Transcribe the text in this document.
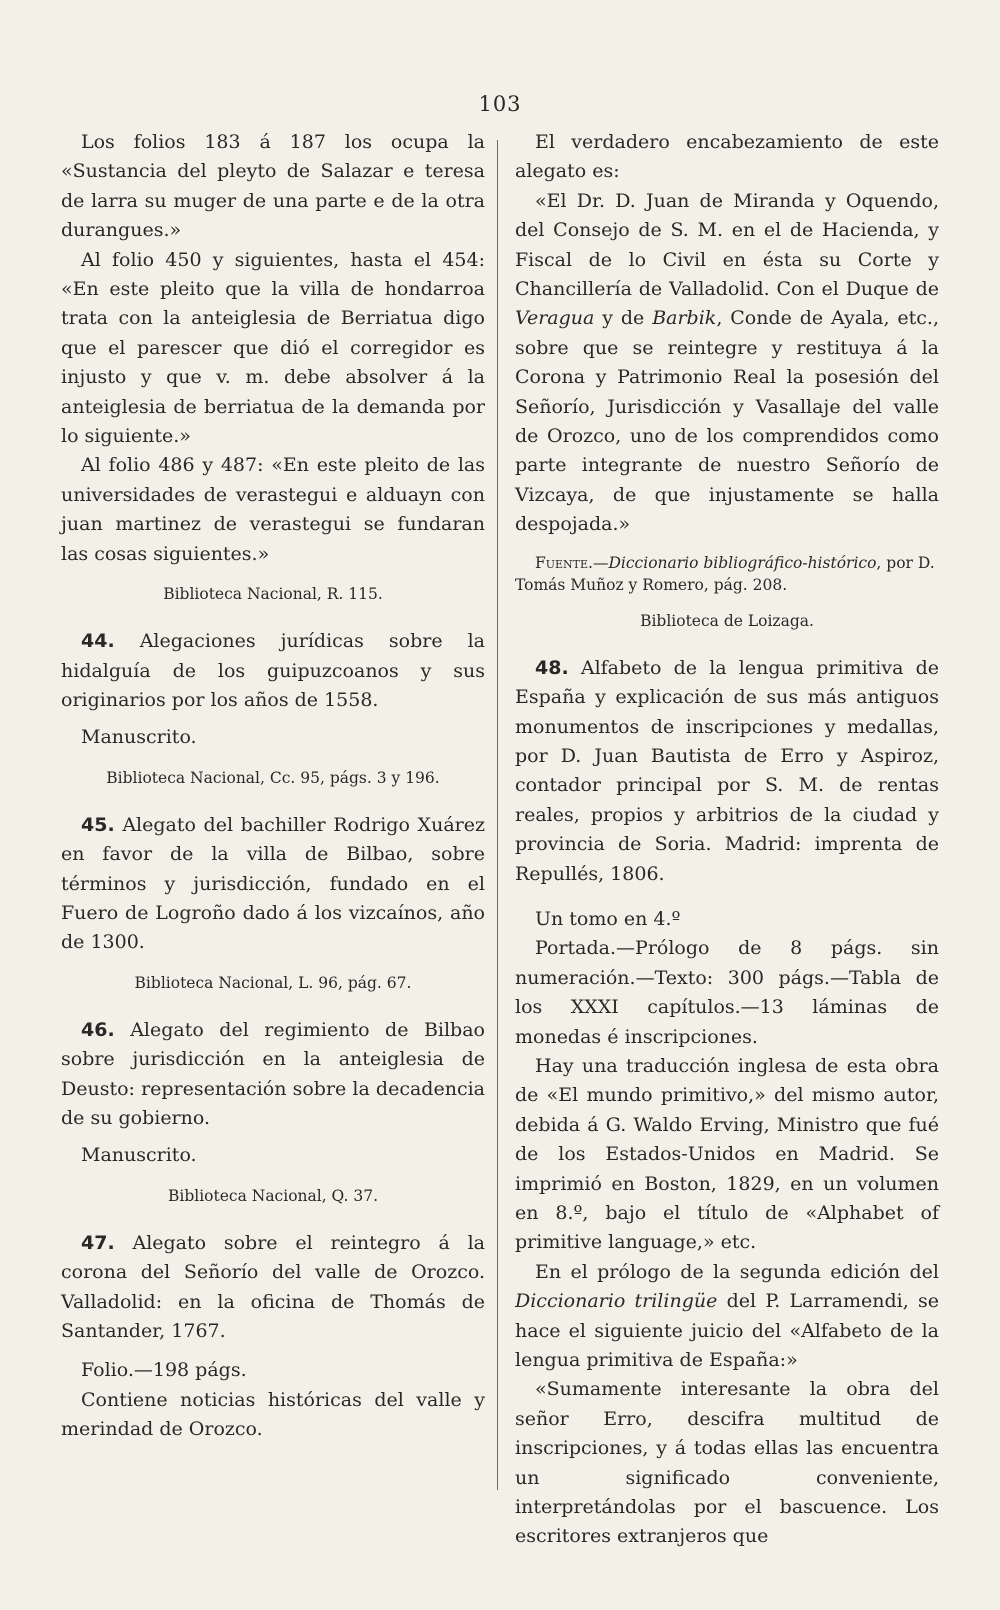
103

Los folios 183 á 187 los ocupa la «Sustancia del pleyto de Salazar e teresa de larra su muger de una parte e de la otra durangues.»

Al folio 450 y siguientes, hasta el 454: «En este pleito que la villa de hondarroa trata con la anteiglesia de Berriatua digo que el parescer que dió el corregidor es injusto y que v. m. debe absolver á la anteiglesia de berriatua de la demanda por lo siguiente.»

Al folio 486 y 487: «En este pleito de las universidades de verastegui e alduayn con juan martinez de verastegui se fundaran las cosas siguientes.»

Biblioteca Nacional, R. 115.

44. Alegaciones jurídicas sobre la hidalguía de los guipuzcoanos y sus originarios por los años de 1558.

Manuscrito.

Biblioteca Nacional, Cc. 95, págs. 3 y 196.

45. Alegato del bachiller Rodrigo Xuárez en favor de la villa de Bilbao, sobre términos y jurisdicción, fundado en el Fuero de Logroño dado á los vizcaínos, año de 1300.

Biblioteca Nacional, L. 96, pág. 67.

46. Alegato del regimiento de Bilbao sobre jurisdicción en la anteiglesia de Deusto: representación sobre la decadencia de su gobierno.

Manuscrito.

Biblioteca Nacional, Q. 37.

47. Alegato sobre el reintegro á la corona del Señorío del valle de Orozco. Valladolid: en la oficina de Thomás de Santander, 1767.

Folio.—198 págs.

Contiene noticias históricas del valle y merindad de Orozco.

El verdadero encabezamiento de este alegato es:

«El Dr. D. Juan de Miranda y Oquendo, del Consejo de S. M. en el de Hacienda, y Fiscal de lo Civil en ésta su Corte y Chancillería de Valladolid. Con el Duque de Veragua y de Barbik, Conde de Ayala, etc., sobre que se reintegre y restituya á la Corona y Patrimonio Real la posesión del Señorío, Jurisdicción y Vasallaje del valle de Orozco, uno de los comprendidos como parte integrante de nuestro Señorío de Vizcaya, de que injustamente se halla despojada.»

Fuente.—Diccionario bibliográfico-histórico, por D. Tomás Muñoz y Romero, pág. 208.

Biblioteca de Loizaga.

48. Alfabeto de la lengua primitiva de España y explicación de sus más antiguos monumentos de inscripciones y medallas, por D. Juan Bautista de Erro y Aspiroz, contador principal por S. M. de rentas reales, propios y arbitrios de la ciudad y provincia de Soria. Madrid: imprenta de Repullés, 1806.

Un tomo en 4.º

Portada.—Prólogo de 8 págs. sin numeración.—Texto: 300 págs.—Tabla de los XXXI capítulos.—13 láminas de monedas é inscripciones.

Hay una traducción inglesa de esta obra de «El mundo primitivo,» del mismo autor, debida á G. Waldo Erving, Ministro que fué de los Estados-Unidos en Madrid. Se imprimió en Boston, 1829, en un volumen en 8.º, bajo el título de «Alphabet of primitive language,» etc.

En el prólogo de la segunda edición del Diccionario trilingüe del P. Larramendi, se hace el siguiente juicio del «Alfabeto de la lengua primitiva de España:»

«Sumamente interesante la obra del señor Erro, descifra multitud de inscripciones, y á todas ellas las encuentra un significado conveniente, interpretándolas por el bascuence. Los escritores extranjeros que
